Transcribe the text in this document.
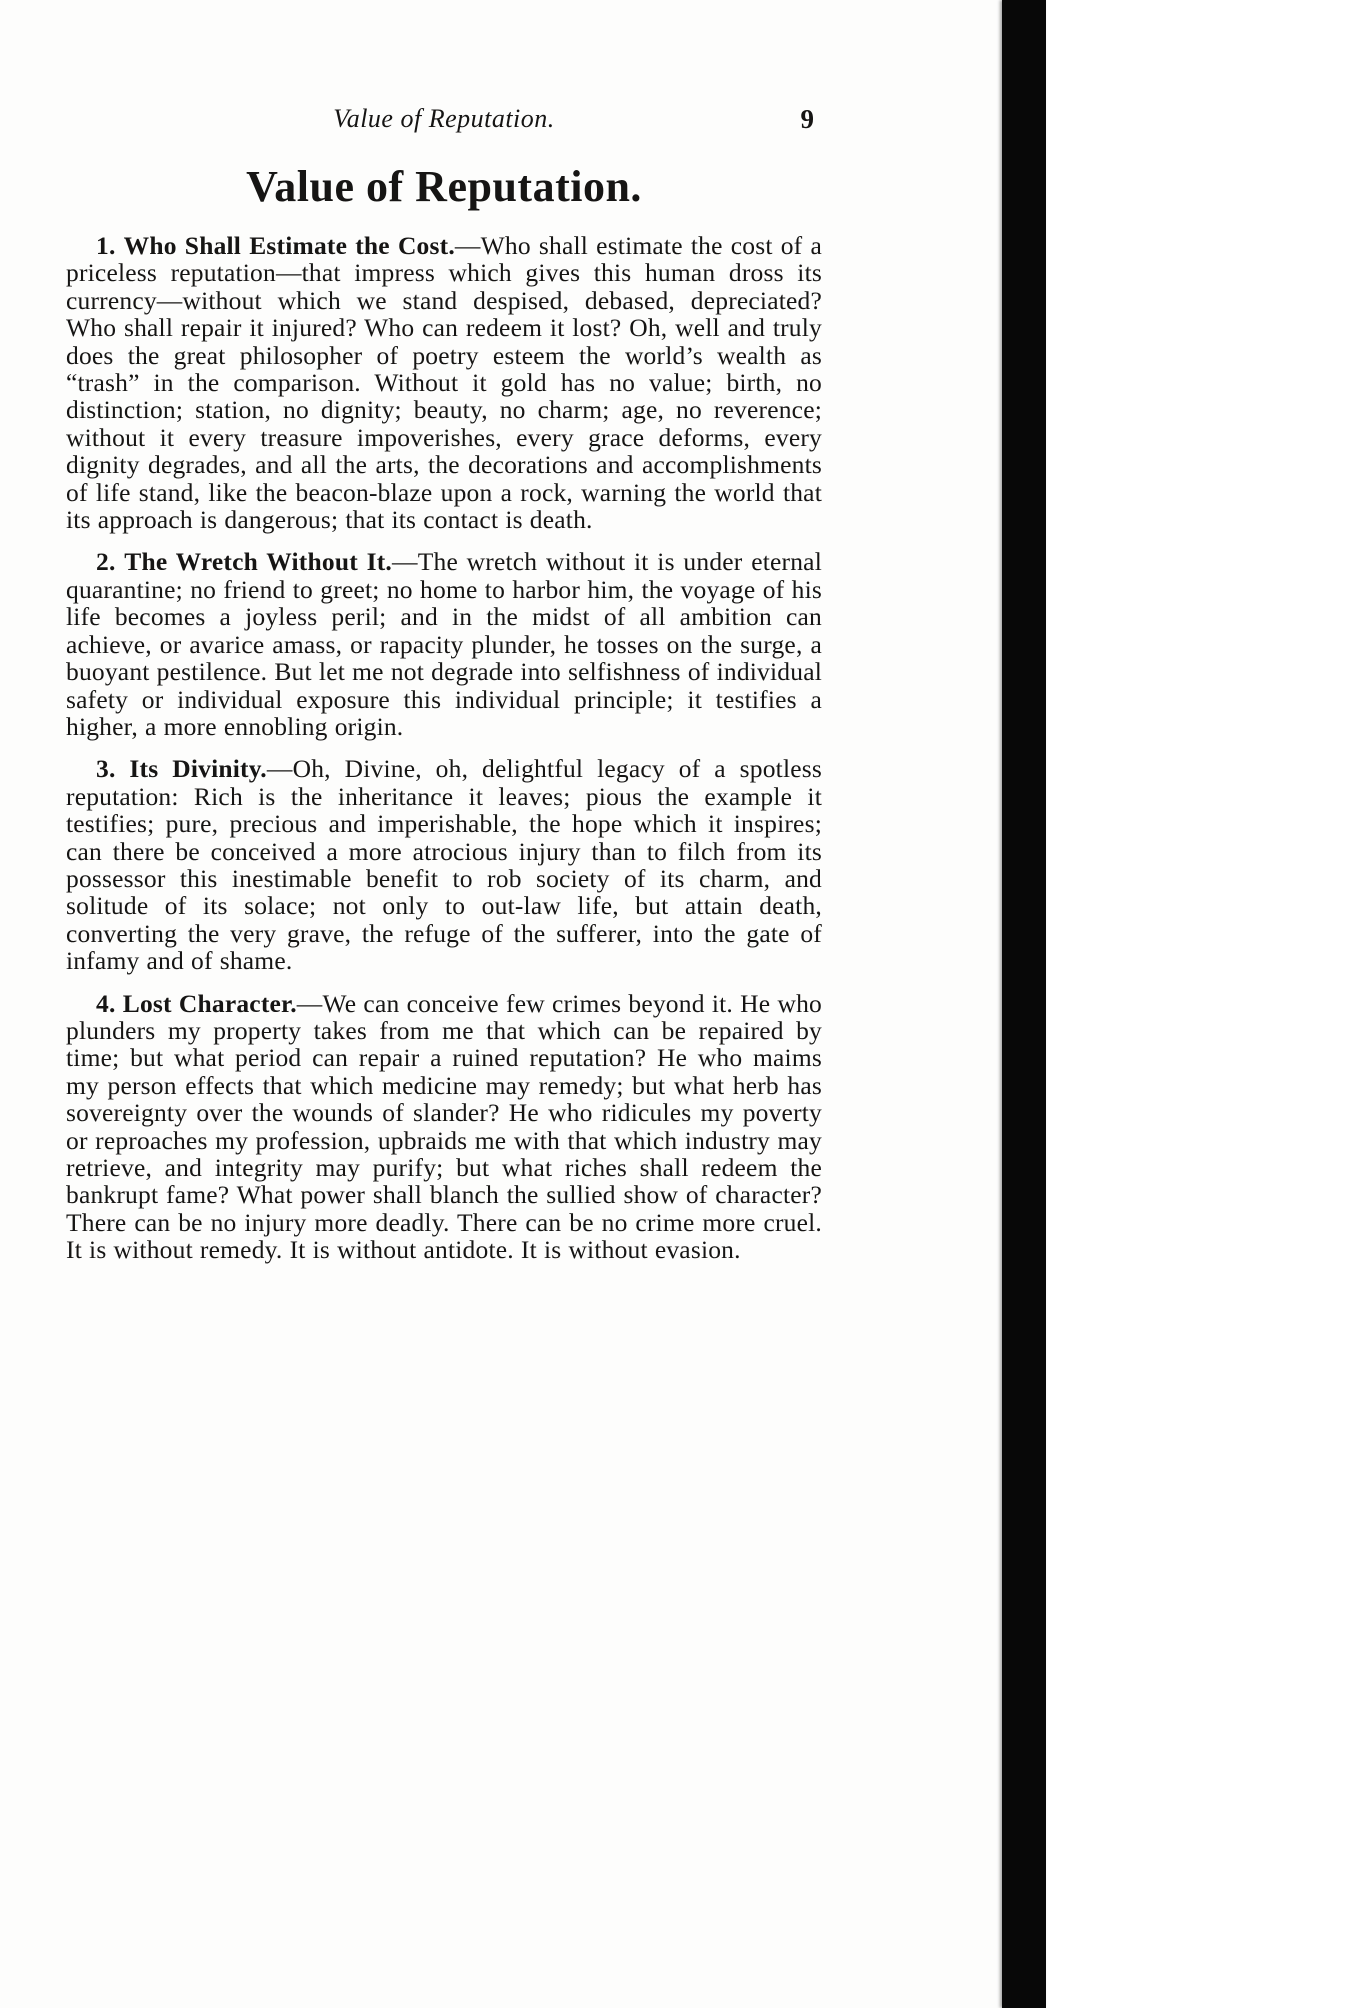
Value of Reputation.	9
Value of Reputation.

1. Who Shall Estimate the Cost.—Who shall estimate the cost of a priceless reputation—that impress which gives this human dross its currency—without which we stand despised, debased, depreciated? Who shall repair it injured? Who can redeem it lost? Oh, well and truly does the great philosopher of poetry esteem the world’s wealth as “trash” in the comparison. Without it gold has no value; birth, no distinction; station, no dignity; beauty, no charm; age, no reverence; without it every treasure impoverishes, every grace deforms, every dignity degrades, and all the arts, the decorations and accomplishments of life stand, like the beacon-blaze upon a rock, warning the world that its approach is dangerous; that its contact is death.

2. The Wretch Without It.—The wretch without it is under eternal quarantine; no friend to greet; no home to harbor him, the voyage of his life becomes a joyless peril; and in the midst of all ambition can achieve, or avarice amass, or rapacity plunder, he tosses on the surge, a buoyant pestilence. But let me not degrade into selfishness of individual safety or individual exposure this individual principle; it testifies a higher, a more ennobling origin.

3. Its Divinity.—Oh, Divine, oh, delightful legacy of a spotless reputation: Rich is the inheritance it leaves; pious the example it testifies; pure, precious and imperishable, the hope which it inspires; can there be conceived a more atrocious injury than to filch from its possessor this inestimable benefit to rob society of its charm, and solitude of its solace; not only to out-law life, but attain death, converting the very grave, the refuge of the sufferer, into the gate of infamy and of shame.

4. Lost Character.—We can conceive few crimes beyond it. He who plunders my property takes from me that which can be repaired by time; but what period can repair a ruined reputation? He who maims my person effects that which medicine may remedy; but what herb has sovereignty over the wounds of slander? He who ridicules my poverty or reproaches my profession, upbraids me with that which industry may retrieve, and integrity may purify; but what riches shall redeem the bankrupt fame? What power shall blanch the sullied show of character? There can be no injury more deadly. There can be no crime more cruel. It is without remedy. It is without antidote. It is without evasion.
